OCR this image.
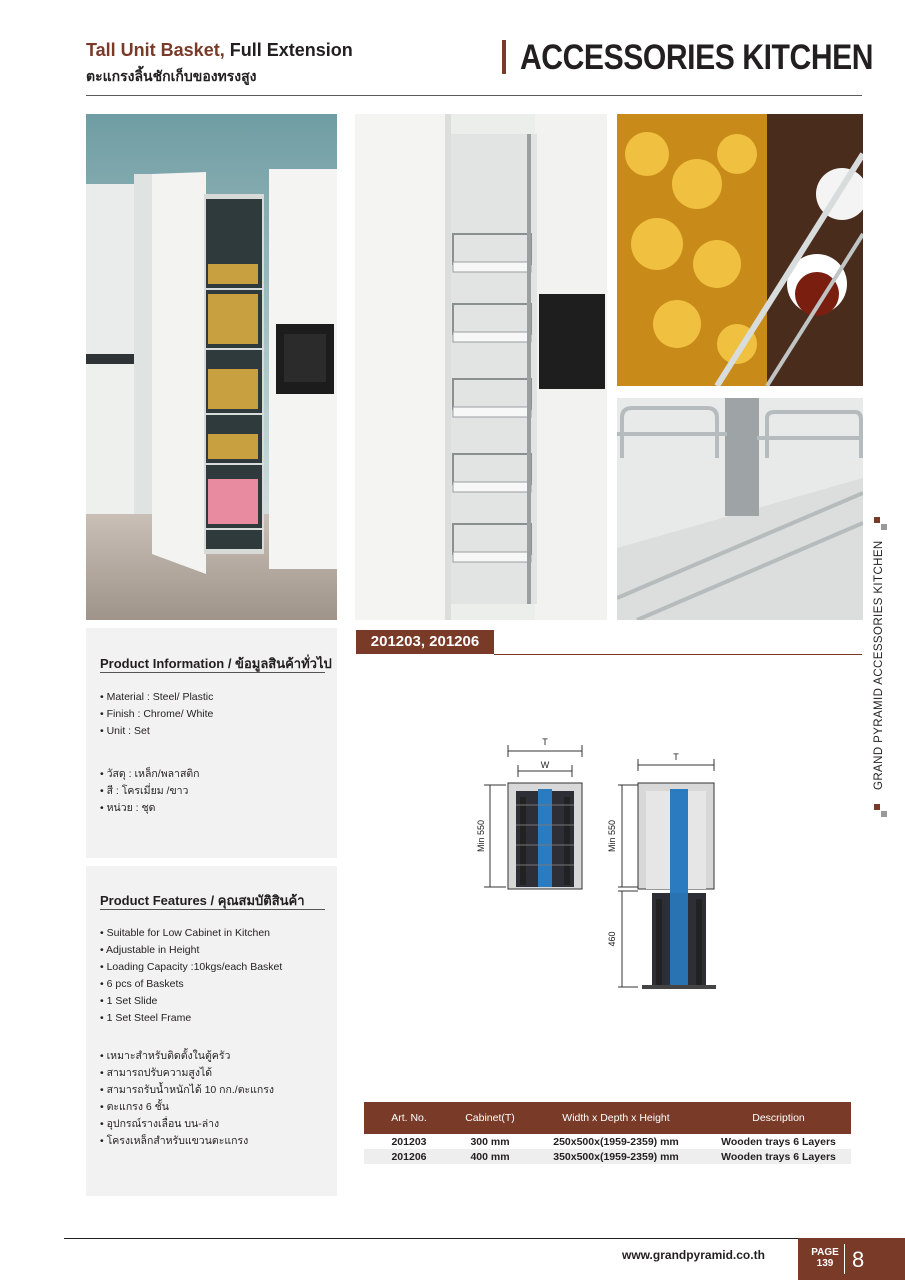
Tall Unit Basket, Full Extension
ตะแกรงลิ้นชักเก็บของทรงสูง	ACCESSORIES KITCHEN
GRAND PYRAMID ACCESSORIES KITCHEN
Product Information / ข้อมูลสินค้าทั่วไป
• Material : Steel/ Plastic
• Finish : Chrome/ White
• Unit : Set
• วัสดุ : เหล็ก/พลาสติก
• สี : โครเมี่ยม /ขาว
• หน่วย : ชุด
Product Features / คุณสมบัติสินค้า
• Suitable for Low Cabinet in Kitchen
• Adjustable in Height
• Loading Capacity :10kgs/each Basket
• 6 pcs of Baskets
• 1 Set Slide
• 1 Set Steel Frame
• เหมาะสำหรับติดตั้งในตู้ครัว
• สามารถปรับความสูงได้
• สามารถรับน้ำหนักได้ 10 กก./ตะแกรง
• ตะแกรง 6 ชั้น
• อุปกรณ์รางเลื่อน บน-ล่าง
• โครงเหล็กสำหรับแขวนตะแกรง
201203, 201206
T
W
Min 550
T
Min 550
460
Art. No.	Cabinet(T)	Width x Depth x Height	Description
201203	300 mm	250x500x(1959-2359) mm	Wooden trays 6 Layers
201206	400 mm	350x500x(1959-2359) mm	Wooden trays 6 Layers
www.grandpyramid.co.th	PAGE
139 8
